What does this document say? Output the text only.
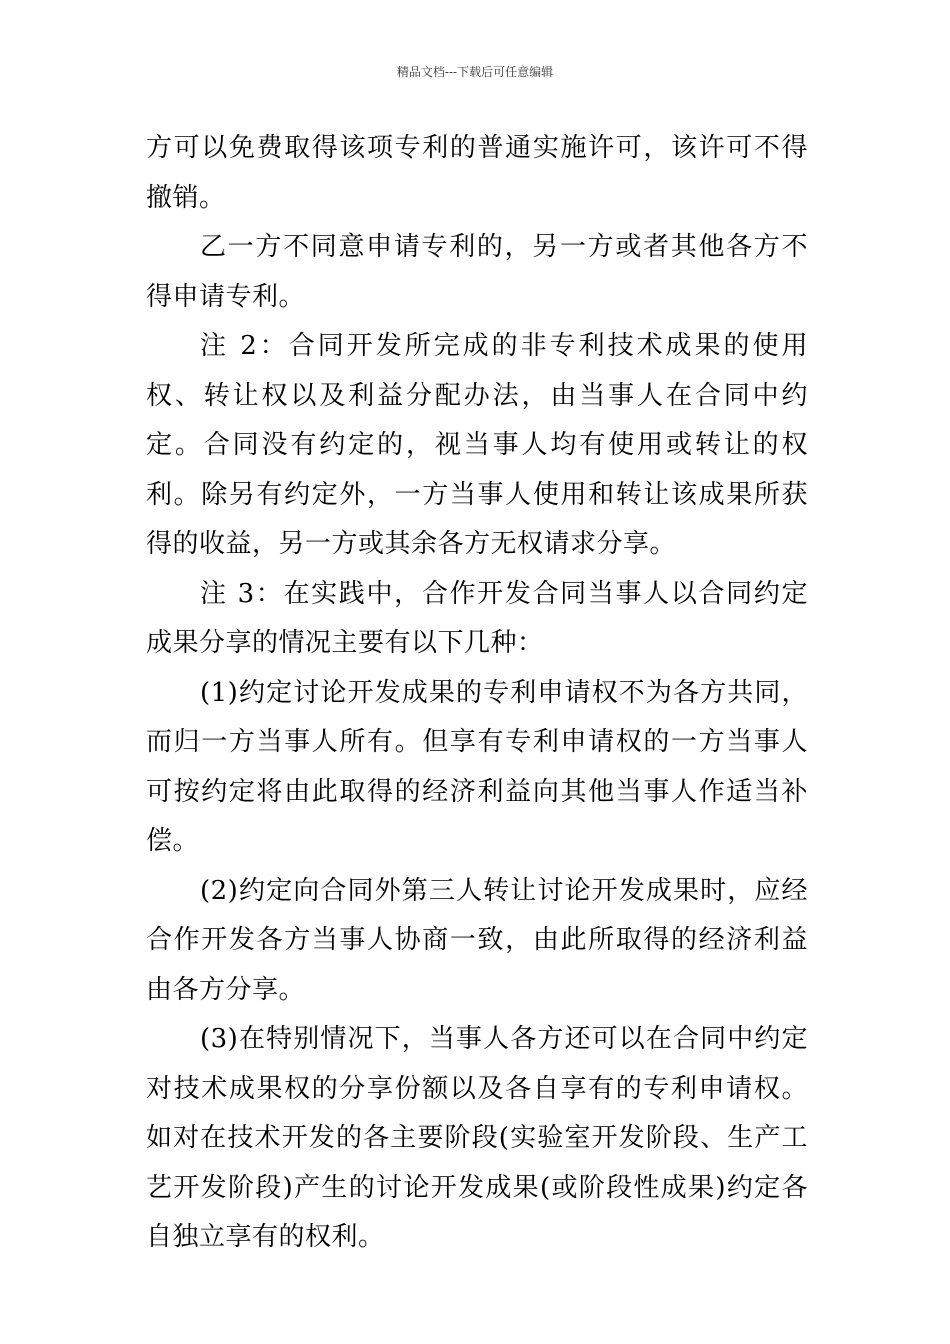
精品文档---下载后可任意编辑

方可以免费取得该项专利的普通实施许可，该许可不得撤销。

乙一方不同意申请专利的，另一方或者其他各方不得申请专利。

注 2：合同开发所完成的非专利技术成果的使用权、转让权以及利益分配办法，由当事人在合同中约定。合同没有约定的，视当事人均有使用或转让的权利。除另有约定外，一方当事人使用和转让该成果所获得的收益，另一方或其余各方无权请求分享。

注 3：在实践中，合作开发合同当事人以合同约定成果分享的情况主要有以下几种：

(1)约定讨论开发成果的专利申请权不为各方共同，而归一方当事人所有。但享有专利申请权的一方当事人可按约定将由此取得的经济利益向其他当事人作适当补偿。

(2)约定向合同外第三人转让讨论开发成果时，应经合作开发各方当事人协商一致，由此所取得的经济利益由各方分享。

(3)在特别情况下，当事人各方还可以在合同中约定对技术成果权的分享份额以及各自享有的专利申请权。如对在技术开发的各主要阶段(实验室开发阶段、生产工艺开发阶段)产生的讨论开发成果(或阶段性成果)约定各自独立享有的权利。
